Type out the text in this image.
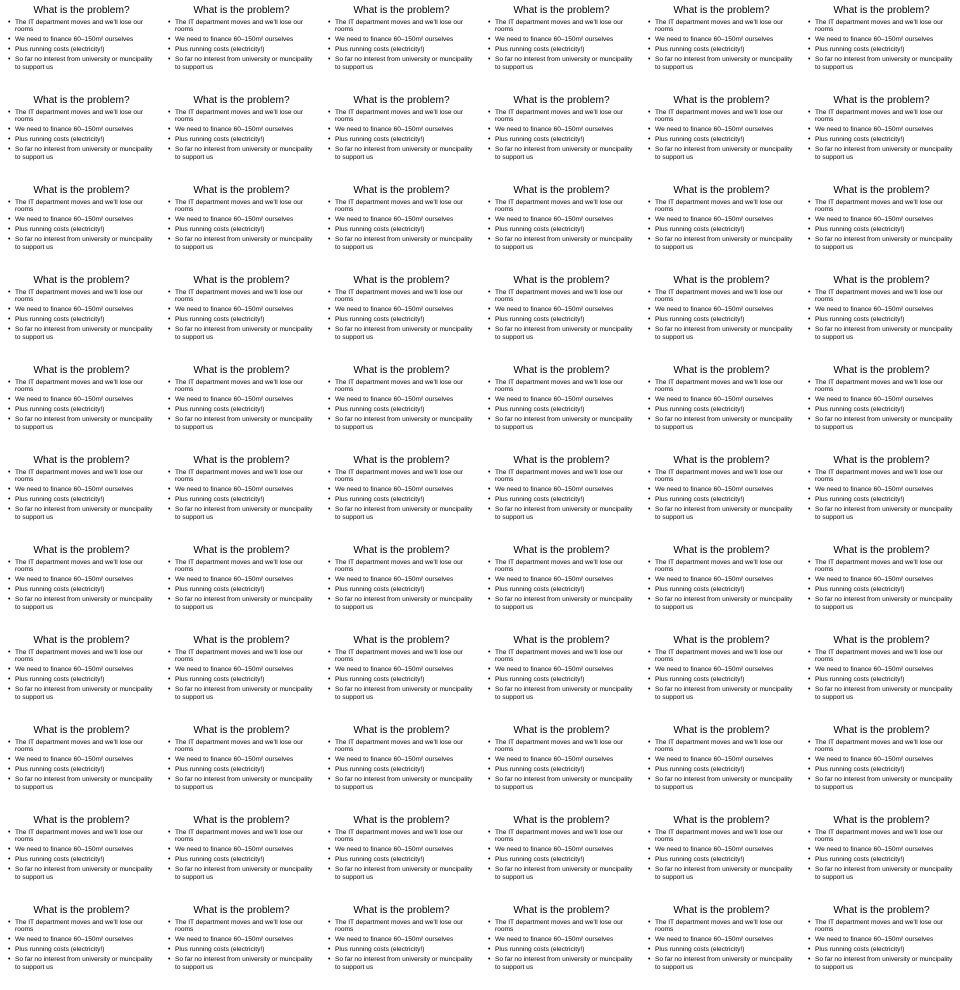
What is the problem?
• The IT department moves and we'll lose our rooms
• We need to finance 60–150m² ourselves
• Plus running costs (electricity!)
• So far no interest from university or muncipality to support us
What is the problem?
• The IT department moves and we'll lose our rooms
• We need to finance 60–150m² ourselves
• Plus running costs (electricity!)
• So far no interest from university or muncipality to support us
What is the problem?
• The IT department moves and we'll lose our rooms
• We need to finance 60–150m² ourselves
• Plus running costs (electricity!)
• So far no interest from university or muncipality to support us
What is the problem?
• The IT department moves and we'll lose our rooms
• We need to finance 60–150m² ourselves
• Plus running costs (electricity!)
• So far no interest from university or muncipality to support us
What is the problem?
• The IT department moves and we'll lose our rooms
• We need to finance 60–150m² ourselves
• Plus running costs (electricity!)
• So far no interest from university or muncipality to support us
What is the problem?
• The IT department moves and we'll lose our rooms
• We need to finance 60–150m² ourselves
• Plus running costs (electricity!)
• So far no interest from university or muncipality to support us
What is the problem?
• The IT department moves and we'll lose our rooms
• We need to finance 60–150m² ourselves
• Plus running costs (electricity!)
• So far no interest from university or muncipality to support us
What is the problem?
• The IT department moves and we'll lose our rooms
• We need to finance 60–150m² ourselves
• Plus running costs (electricity!)
• So far no interest from university or muncipality to support us
What is the problem?
• The IT department moves and we'll lose our rooms
• We need to finance 60–150m² ourselves
• Plus running costs (electricity!)
• So far no interest from university or muncipality to support us
What is the problem?
• The IT department moves and we'll lose our rooms
• We need to finance 60–150m² ourselves
• Plus running costs (electricity!)
• So far no interest from university or muncipality to support us
What is the problem?
• The IT department moves and we'll lose our rooms
• We need to finance 60–150m² ourselves
• Plus running costs (electricity!)
• So far no interest from university or muncipality to support us
What is the problem?
• The IT department moves and we'll lose our rooms
• We need to finance 60–150m² ourselves
• Plus running costs (electricity!)
• So far no interest from university or muncipality to support us
What is the problem?
• The IT department moves and we'll lose our rooms
• We need to finance 60–150m² ourselves
• Plus running costs (electricity!)
• So far no interest from university or muncipality to support us
What is the problem?
• The IT department moves and we'll lose our rooms
• We need to finance 60–150m² ourselves
• Plus running costs (electricity!)
• So far no interest from university or muncipality to support us
What is the problem?
• The IT department moves and we'll lose our rooms
• We need to finance 60–150m² ourselves
• Plus running costs (electricity!)
• So far no interest from university or muncipality to support us
What is the problem?
• The IT department moves and we'll lose our rooms
• We need to finance 60–150m² ourselves
• Plus running costs (electricity!)
• So far no interest from university or muncipality to support us
What is the problem?
• The IT department moves and we'll lose our rooms
• We need to finance 60–150m² ourselves
• Plus running costs (electricity!)
• So far no interest from university or muncipality to support us
What is the problem?
• The IT department moves and we'll lose our rooms
• We need to finance 60–150m² ourselves
• Plus running costs (electricity!)
• So far no interest from university or muncipality to support us
What is the problem?
• The IT department moves and we'll lose our rooms
• We need to finance 60–150m² ourselves
• Plus running costs (electricity!)
• So far no interest from university or muncipality to support us
What is the problem?
• The IT department moves and we'll lose our rooms
• We need to finance 60–150m² ourselves
• Plus running costs (electricity!)
• So far no interest from university or muncipality to support us
What is the problem?
• The IT department moves and we'll lose our rooms
• We need to finance 60–150m² ourselves
• Plus running costs (electricity!)
• So far no interest from university or muncipality to support us
What is the problem?
• The IT department moves and we'll lose our rooms
• We need to finance 60–150m² ourselves
• Plus running costs (electricity!)
• So far no interest from university or muncipality to support us
What is the problem?
• The IT department moves and we'll lose our rooms
• We need to finance 60–150m² ourselves
• Plus running costs (electricity!)
• So far no interest from university or muncipality to support us
What is the problem?
• The IT department moves and we'll lose our rooms
• We need to finance 60–150m² ourselves
• Plus running costs (electricity!)
• So far no interest from university or muncipality to support us
What is the problem?
• The IT department moves and we'll lose our rooms
• We need to finance 60–150m² ourselves
• Plus running costs (electricity!)
• So far no interest from university or muncipality to support us
What is the problem?
• The IT department moves and we'll lose our rooms
• We need to finance 60–150m² ourselves
• Plus running costs (electricity!)
• So far no interest from university or muncipality to support us
What is the problem?
• The IT department moves and we'll lose our rooms
• We need to finance 60–150m² ourselves
• Plus running costs (electricity!)
• So far no interest from university or muncipality to support us
What is the problem?
• The IT department moves and we'll lose our rooms
• We need to finance 60–150m² ourselves
• Plus running costs (electricity!)
• So far no interest from university or muncipality to support us
What is the problem?
• The IT department moves and we'll lose our rooms
• We need to finance 60–150m² ourselves
• Plus running costs (electricity!)
• So far no interest from university or muncipality to support us
What is the problem?
• The IT department moves and we'll lose our rooms
• We need to finance 60–150m² ourselves
• Plus running costs (electricity!)
• So far no interest from university or muncipality to support us
What is the problem?
• The IT department moves and we'll lose our rooms
• We need to finance 60–150m² ourselves
• Plus running costs (electricity!)
• So far no interest from university or muncipality to support us
What is the problem?
• The IT department moves and we'll lose our rooms
• We need to finance 60–150m² ourselves
• Plus running costs (electricity!)
• So far no interest from university or muncipality to support us
What is the problem?
• The IT department moves and we'll lose our rooms
• We need to finance 60–150m² ourselves
• Plus running costs (electricity!)
• So far no interest from university or muncipality to support us
What is the problem?
• The IT department moves and we'll lose our rooms
• We need to finance 60–150m² ourselves
• Plus running costs (electricity!)
• So far no interest from university or muncipality to support us
What is the problem?
• The IT department moves and we'll lose our rooms
• We need to finance 60–150m² ourselves
• Plus running costs (electricity!)
• So far no interest from university or muncipality to support us
What is the problem?
• The IT department moves and we'll lose our rooms
• We need to finance 60–150m² ourselves
• Plus running costs (electricity!)
• So far no interest from university or muncipality to support us
What is the problem?
• The IT department moves and we'll lose our rooms
• We need to finance 60–150m² ourselves
• Plus running costs (electricity!)
• So far no interest from university or muncipality to support us
What is the problem?
• The IT department moves and we'll lose our rooms
• We need to finance 60–150m² ourselves
• Plus running costs (electricity!)
• So far no interest from university or muncipality to support us
What is the problem?
• The IT department moves and we'll lose our rooms
• We need to finance 60–150m² ourselves
• Plus running costs (electricity!)
• So far no interest from university or muncipality to support us
What is the problem?
• The IT department moves and we'll lose our rooms
• We need to finance 60–150m² ourselves
• Plus running costs (electricity!)
• So far no interest from university or muncipality to support us
What is the problem?
• The IT department moves and we'll lose our rooms
• We need to finance 60–150m² ourselves
• Plus running costs (electricity!)
• So far no interest from university or muncipality to support us
What is the problem?
• The IT department moves and we'll lose our rooms
• We need to finance 60–150m² ourselves
• Plus running costs (electricity!)
• So far no interest from university or muncipality to support us
What is the problem?
• The IT department moves and we'll lose our rooms
• We need to finance 60–150m² ourselves
• Plus running costs (electricity!)
• So far no interest from university or muncipality to support us
What is the problem?
• The IT department moves and we'll lose our rooms
• We need to finance 60–150m² ourselves
• Plus running costs (electricity!)
• So far no interest from university or muncipality to support us
What is the problem?
• The IT department moves and we'll lose our rooms
• We need to finance 60–150m² ourselves
• Plus running costs (electricity!)
• So far no interest from university or muncipality to support us
What is the problem?
• The IT department moves and we'll lose our rooms
• We need to finance 60–150m² ourselves
• Plus running costs (electricity!)
• So far no interest from university or muncipality to support us
What is the problem?
• The IT department moves and we'll lose our rooms
• We need to finance 60–150m² ourselves
• Plus running costs (electricity!)
• So far no interest from university or muncipality to support us
What is the problem?
• The IT department moves and we'll lose our rooms
• We need to finance 60–150m² ourselves
• Plus running costs (electricity!)
• So far no interest from university or muncipality to support us
What is the problem?
• The IT department moves and we'll lose our rooms
• We need to finance 60–150m² ourselves
• Plus running costs (electricity!)
• So far no interest from university or muncipality to support us
What is the problem?
• The IT department moves and we'll lose our rooms
• We need to finance 60–150m² ourselves
• Plus running costs (electricity!)
• So far no interest from university or muncipality to support us
What is the problem?
• The IT department moves and we'll lose our rooms
• We need to finance 60–150m² ourselves
• Plus running costs (electricity!)
• So far no interest from university or muncipality to support us
What is the problem?
• The IT department moves and we'll lose our rooms
• We need to finance 60–150m² ourselves
• Plus running costs (electricity!)
• So far no interest from university or muncipality to support us
What is the problem?
• The IT department moves and we'll lose our rooms
• We need to finance 60–150m² ourselves
• Plus running costs (electricity!)
• So far no interest from university or muncipality to support us
What is the problem?
• The IT department moves and we'll lose our rooms
• We need to finance 60–150m² ourselves
• Plus running costs (electricity!)
• So far no interest from university or muncipality to support us
What is the problem?
• The IT department moves and we'll lose our rooms
• We need to finance 60–150m² ourselves
• Plus running costs (electricity!)
• So far no interest from university or muncipality to support us
What is the problem?
• The IT department moves and we'll lose our rooms
• We need to finance 60–150m² ourselves
• Plus running costs (electricity!)
• So far no interest from university or muncipality to support us
What is the problem?
• The IT department moves and we'll lose our rooms
• We need to finance 60–150m² ourselves
• Plus running costs (electricity!)
• So far no interest from university or muncipality to support us
What is the problem?
• The IT department moves and we'll lose our rooms
• We need to finance 60–150m² ourselves
• Plus running costs (electricity!)
• So far no interest from university or muncipality to support us
What is the problem?
• The IT department moves and we'll lose our rooms
• We need to finance 60–150m² ourselves
• Plus running costs (electricity!)
• So far no interest from university or muncipality to support us
What is the problem?
• The IT department moves and we'll lose our rooms
• We need to finance 60–150m² ourselves
• Plus running costs (electricity!)
• So far no interest from university or muncipality to support us
What is the problem?
• The IT department moves and we'll lose our rooms
• We need to finance 60–150m² ourselves
• Plus running costs (electricity!)
• So far no interest from university or muncipality to support us
What is the problem?
• The IT department moves and we'll lose our rooms
• We need to finance 60–150m² ourselves
• Plus running costs (electricity!)
• So far no interest from university or muncipality to support us
What is the problem?
• The IT department moves and we'll lose our rooms
• We need to finance 60–150m² ourselves
• Plus running costs (electricity!)
• So far no interest from university or muncipality to support us
What is the problem?
• The IT department moves and we'll lose our rooms
• We need to finance 60–150m² ourselves
• Plus running costs (electricity!)
• So far no interest from university or muncipality to support us
What is the problem?
• The IT department moves and we'll lose our rooms
• We need to finance 60–150m² ourselves
• Plus running costs (electricity!)
• So far no interest from university or muncipality to support us
What is the problem?
• The IT department moves and we'll lose our rooms
• We need to finance 60–150m² ourselves
• Plus running costs (electricity!)
• So far no interest from university or muncipality to support us
